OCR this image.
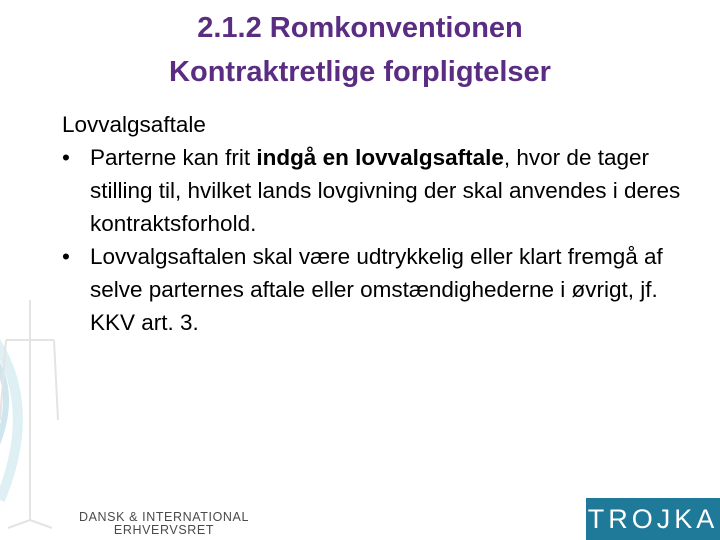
2.1.2 Romkonventionen
Kontraktretlige forpligtelser
Lovvalgsaftale
• Parterne kan frit indgå en lovvalgsaftale, hvor de tager stilling til, hvilket lands lovgivning der skal anvendes i deres kontraktsforhold.
• Lovvalgsaftalen skal være udtrykkelig eller klart fremgå af selve parternes aftale eller omstændighederne i øvrigt, jf. KKV art. 3.
DANSK & INTERNATIONAL
ERHVERVSRET	TROJKA
